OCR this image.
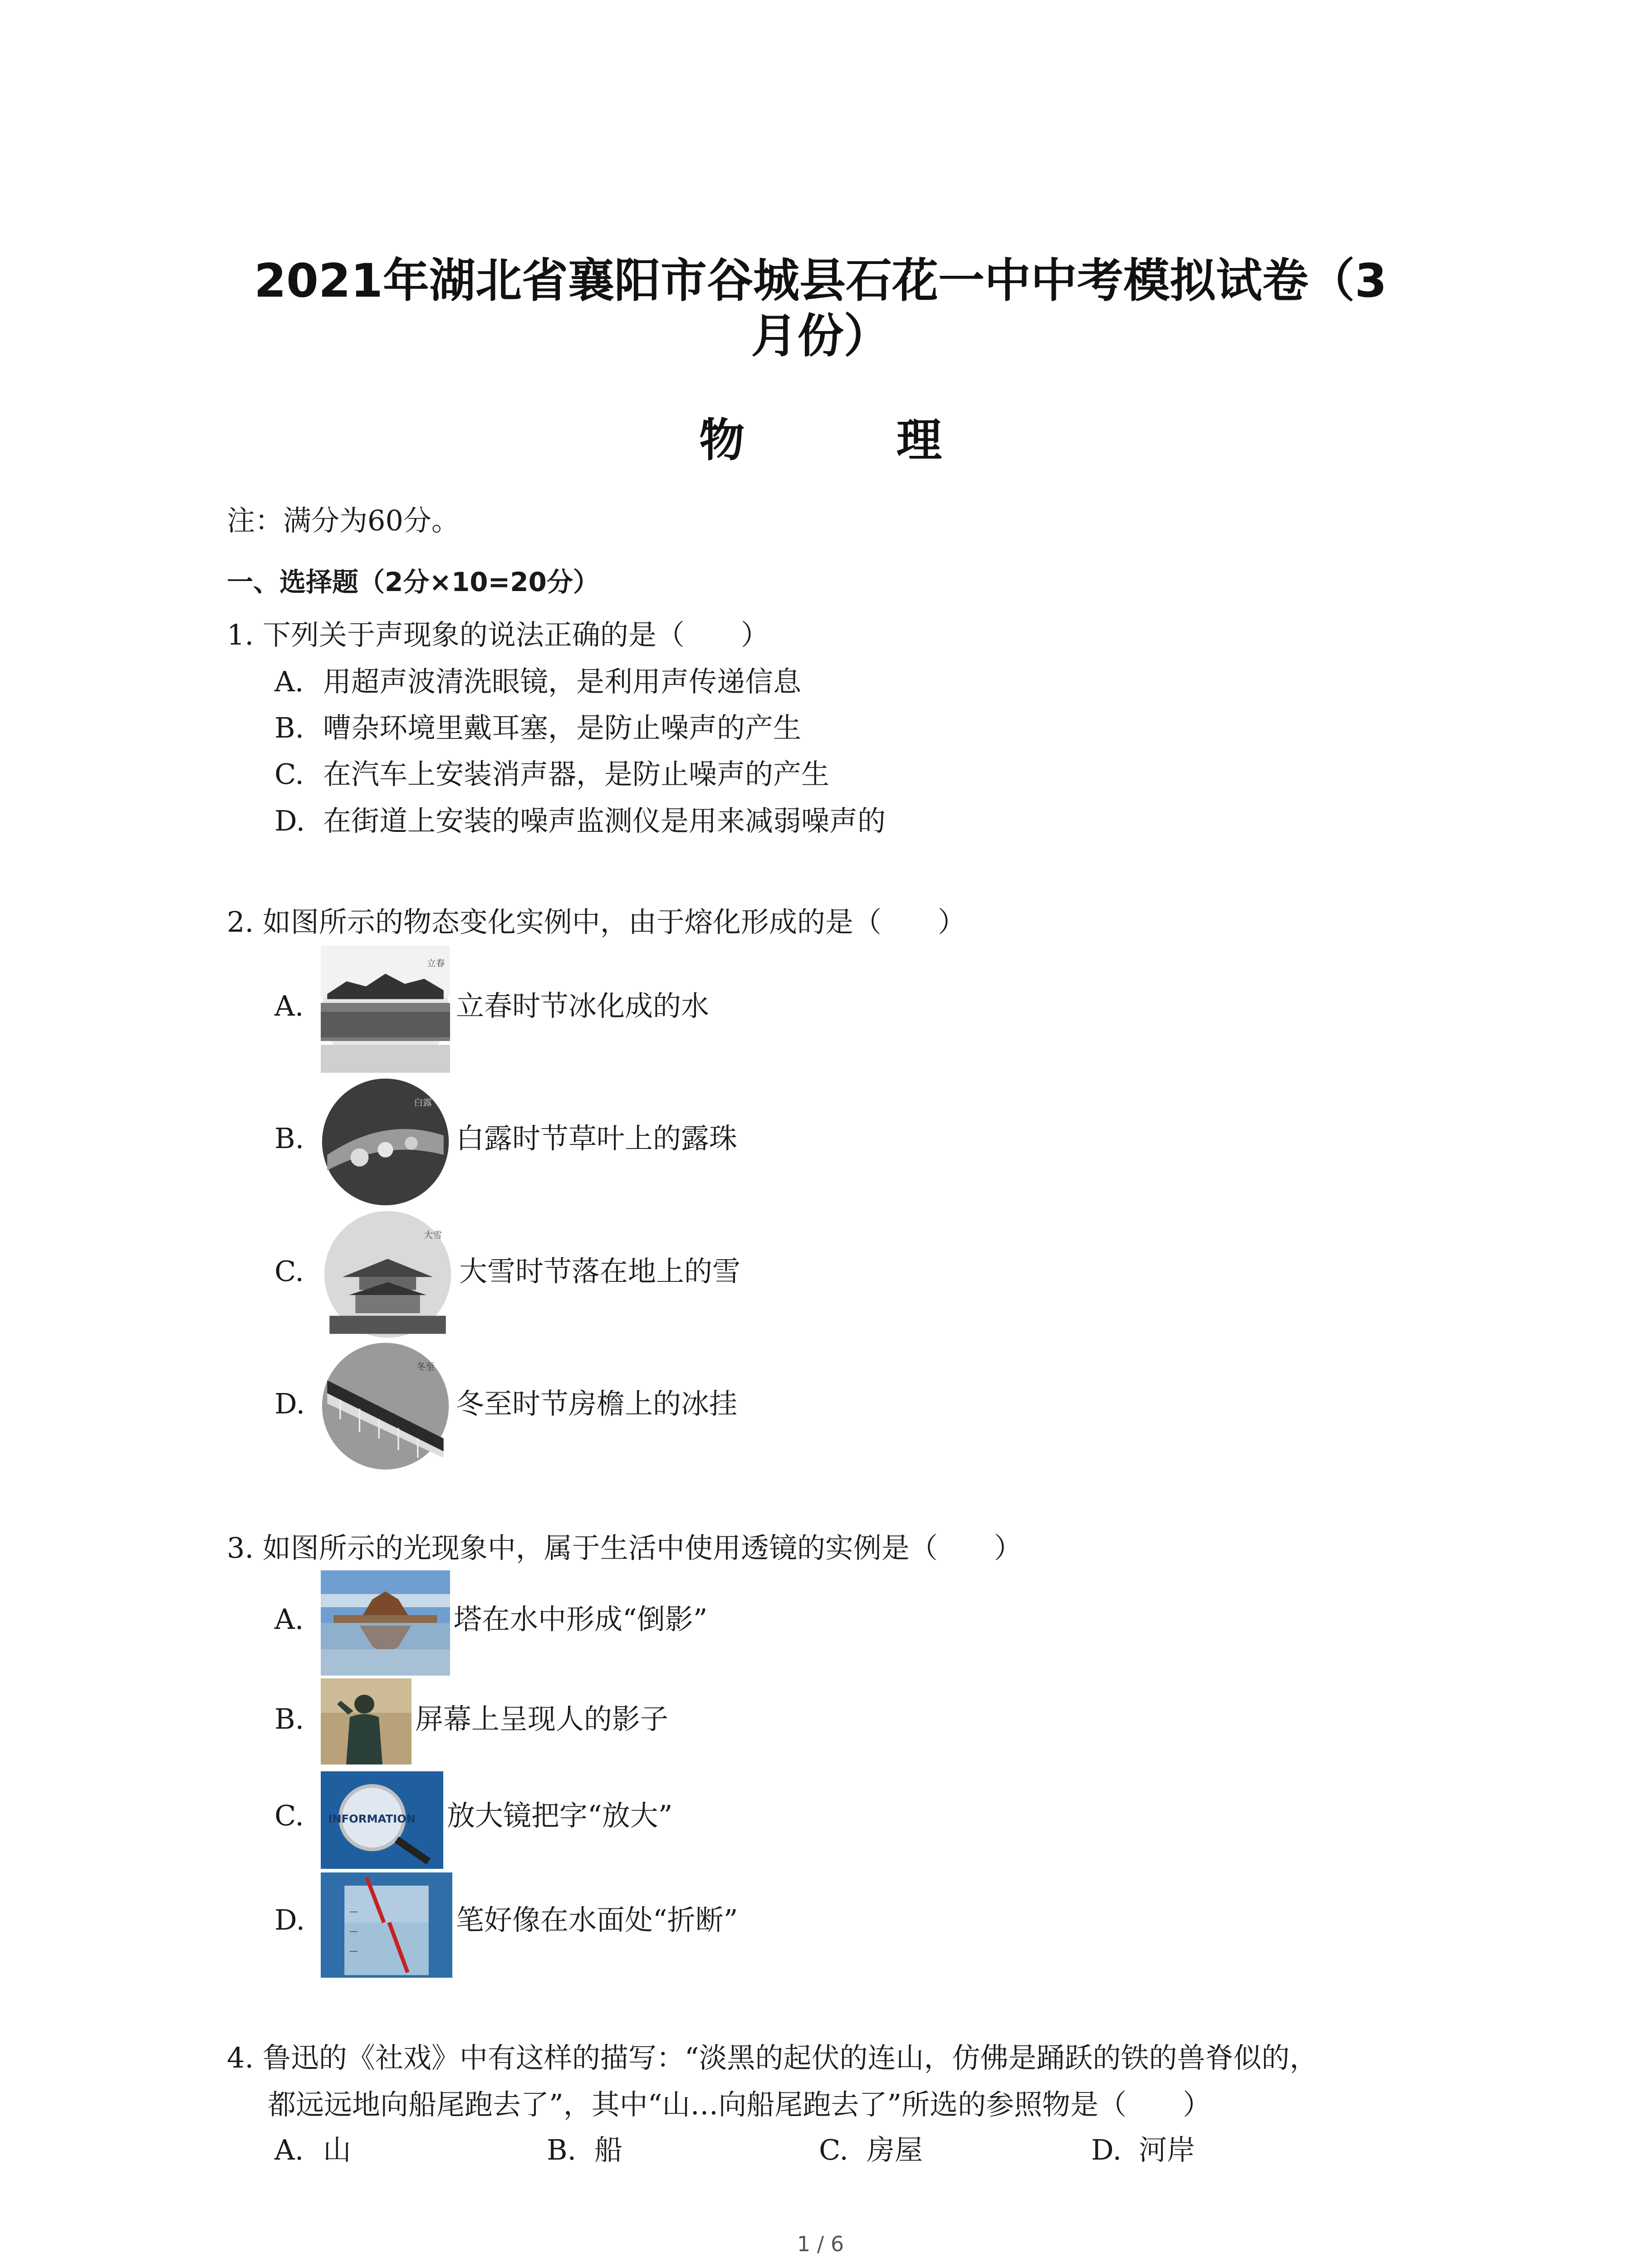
2021年湖北省襄阳市谷城县石花一中中考模拟试卷（3
月份）
物 理
注：满分为60分。
一、选择题（2分×10=20分）
1. 下列关于声现象的说法正确的是（　　）
A. 用超声波清洗眼镜，是利用声传递信息
B. 嘈杂环境里戴耳塞，是防止噪声的产生
C. 在汽车上安装消声器，是防止噪声的产生
D. 在街道上安装的噪声监测仪是用来减弱噪声的
2. 如图所示的物态变化实例中，由于熔化形成的是（　　）
A.
立春
立春时节冰化成的水
B.
白露
白露时节草叶上的露珠
C.
大雪
大雪时节落在地上的雪
D.
冬至
冬至时节房檐上的冰挂
3. 如图所示的光现象中，属于生活中使用透镜的实例是（　　）
A.	塔在水中形成“倒影”
B.	屏幕上呈现人的影子
C.	INFORMATION 放大镜把字“放大”
D.	笔好像在水面处“折断”
4. 鲁迅的《社戏》中有这样的描写：“淡黑的起伏的连山，仿佛是踊跃的铁的兽脊似的，
都远远地向船尾跑去了”，其中“山…向船尾跑去了”所选的参照物是（　　）
A. 山	B. 船	C. 房屋	D. 河岸
1 / 6
